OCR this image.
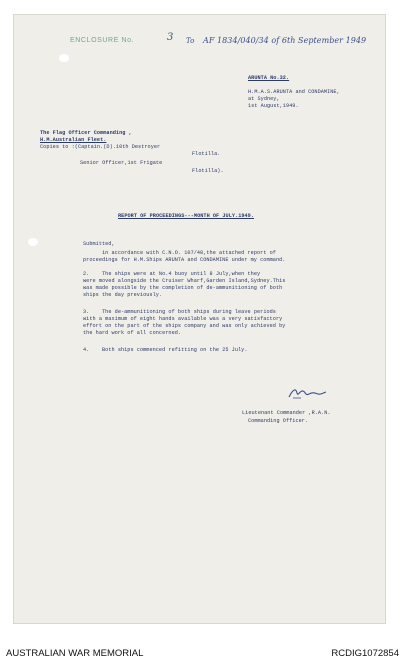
ENCLOSURE No.	3 To AF 1834/040/34 of 6th September 1949
ARUNTA No.32.
H.M.A.S.ARUNTA and CONDAMINE,
at Sydney,
1st August,1949.
The Flag Officer Commanding ,
H.M.Australian Fleet.
Copies to :(Captain.(D).10th Destroyer
Flotilla.
Senior Officer,1st Frigate
Flotilla).
REPORT OF PROCEEDINGS---MONTH OF JULY.1949.
Submitted,
in accordance with C.N.O. 107/48,the attached report of
proceedings for H.M.Ships ARUNTA and CONDAMINE under my command.
2. The ships were at No.4 buoy until 8 July,when they
were moved alongside the Cruiser Wharf,Garden Island,Sydney.This
was made possible by the completion of de-ammunitioning of both
ships the day previously.
3. The de-ammunitioning of both ships during leave periods
with a maximum of eight hands available was a very satisfactory
effort on the part of the ships company and was only achieved by
the hard work of all concerned.
4. Both ships commenced refitting on the 25 July.
Lieutenant Commander ,R.A.N.
Commanding Officer.
AUSTRALIAN WAR MEMORIAL	RCDIG1072854
